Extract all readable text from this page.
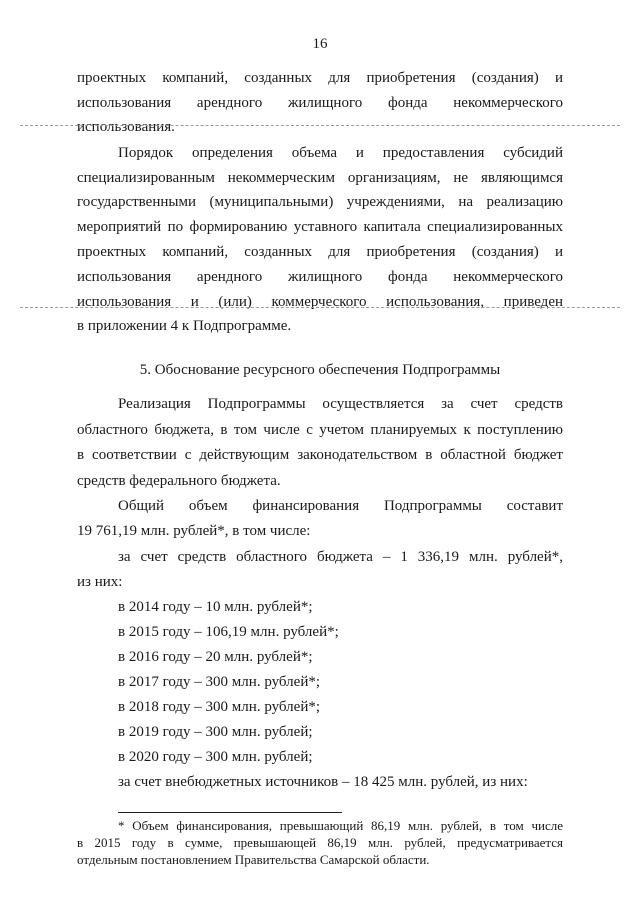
16
проектных компаний, созданных для приобретения (создания) и
использования арендного жилищного фонда некоммерческого
использования.
Порядок определения объема и предоставления субсидий
специализированным некоммерческим организациям, не являющимся
государственными (муниципальными) учреждениями, на реализацию
мероприятий по формированию уставного капитала специализированных
проектных компаний, созданных для приобретения (создания) и
использования арендного жилищного фонда некоммерческого
использования и (или) коммерческого использования, приведен
в приложении 4 к Подпрограмме.
5. Обоснование ресурсного обеспечения Подпрограммы
Реализация Подпрограммы осуществляется за счет средств
областного бюджета, в том числе с учетом планируемых к поступлению
в соответствии с действующим законодательством в областной бюджет
средств федерального бюджета.
Общий объем финансирования Подпрограммы составит
19 761,19 млн. рублей*, в том числе:
за счет средств областного бюджета – 1 336,19 млн. рублей*,
из них:
в 2014 году – 10 млн. рублей*;
в 2015 году – 106,19 млн. рублей*;
в 2016 году – 20 млн. рублей*;
в 2017 году – 300 млн. рублей*;
в 2018 году – 300 млн. рублей*;
в 2019 году – 300 млн. рублей;
в 2020 году – 300 млн. рублей;
за счет внебюджетных источников – 18 425 млн. рублей, из них:
* Объем финансирования, превышающий 86,19 млн. рублей, в том числе
в 2015 году в сумме, превышающей 86,19 млн. рублей, предусматривается
отдельным постановлением Правительства Самарской области.
